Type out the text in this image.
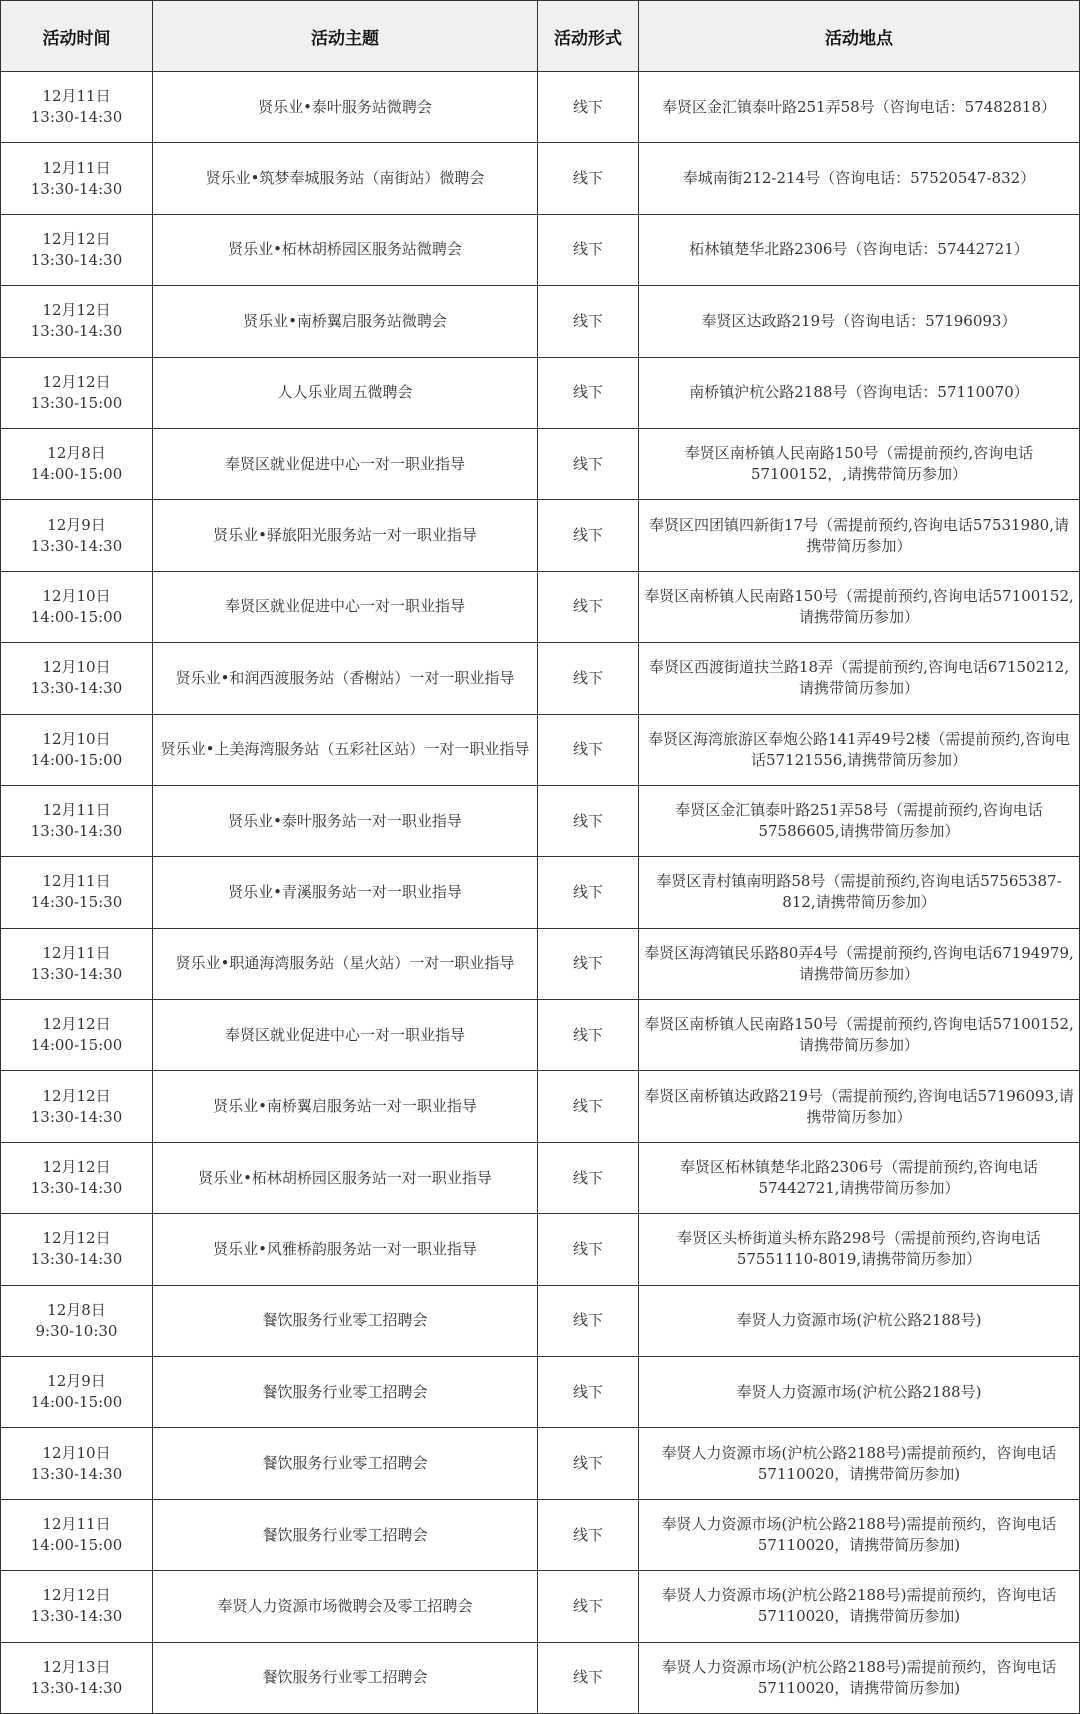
活动时间	活动主题	活动形式	活动地点

12月11日
13:30-14:30	贤乐业•泰叶服务站微聘会	线下	奉贤区金汇镇泰叶路251弄58号（咨询电话：57482818）

12月11日
13:30-14:30	贤乐业•筑梦奉城服务站（南街站）微聘会	线下	奉城南街212-214号（咨询电话：57520547-832）

12月12日
13:30-14:30	贤乐业•柘林胡桥园区服务站微聘会	线下	柘林镇楚华北路2306号（咨询电话：57442721）

12月12日
13:30-14:30	贤乐业•南桥翼启服务站微聘会	线下	奉贤区达政路219号（咨询电话：57196093）

12月12日
13:30-15:00	人人乐业周五微聘会	线下	南桥镇沪杭公路2188号（咨询电话：57110070）

12月8日
14:00-15:00	奉贤区就业促进中心一对一职业指导	线下	奉贤区南桥镇人民南路150号（需提前预约,咨询电话57100152，,请携带简历参加）

12月9日
13:30-14:30	贤乐业•驿旅阳光服务站一对一职业指导	线下	奉贤区四团镇四新街17号（需提前预约,咨询电话57531980,请携带简历参加）

12月10日
14:00-15:00	奉贤区就业促进中心一对一职业指导	线下	奉贤区南桥镇人民南路150号（需提前预约,咨询电话57100152,请携带简历参加）

12月10日
13:30-14:30	贤乐业•和润西渡服务站（香榭站）一对一职业指导	线下	奉贤区西渡街道扶兰路18弄（需提前预约,咨询电话67150212,请携带简历参加）

12月10日
14:00-15:00	贤乐业•上美海湾服务站（五彩社区站）一对一职业指导	线下	奉贤区海湾旅游区奉炮公路141弄49号2楼（需提前预约,咨询电话57121556,请携带简历参加）

12月11日
13:30-14:30	贤乐业•泰叶服务站一对一职业指导	线下	奉贤区金汇镇泰叶路251弄58号（需提前预约,咨询电话57586605,请携带简历参加）

12月11日
14:30-15:30	贤乐业•青溪服务站一对一职业指导	线下	奉贤区青村镇南明路58号（需提前预约,咨询电话57565387-812,请携带简历参加）

12月11日
13:30-14:30	贤乐业•职通海湾服务站（星火站）一对一职业指导	线下	奉贤区海湾镇民乐路80弄4号（需提前预约,咨询电话67194979,请携带简历参加）

12月12日
14:00-15:00	奉贤区就业促进中心一对一职业指导	线下	奉贤区南桥镇人民南路150号（需提前预约,咨询电话57100152,请携带简历参加）

12月12日
13:30-14:30	贤乐业•南桥翼启服务站一对一职业指导	线下	奉贤区南桥镇达政路219号（需提前预约,咨询电话57196093,请携带简历参加）

12月12日
13:30-14:30	贤乐业•柘林胡桥园区服务站一对一职业指导	线下	奉贤区柘林镇楚华北路2306号（需提前预约,咨询电话57442721,请携带简历参加）

12月12日
13:30-14:30	贤乐业•风雅桥韵服务站一对一职业指导	线下	奉贤区头桥街道头桥东路298号（需提前预约,咨询电话57551110-8019,请携带简历参加）

12月8日
9:30-10:30	餐饮服务行业零工招聘会	线下	奉贤人力资源市场(沪杭公路2188号)

12月9日
14:00-15:00	餐饮服务行业零工招聘会	线下	奉贤人力资源市场(沪杭公路2188号)

12月10日
13:30-14:30	餐饮服务行业零工招聘会	线下	奉贤人力资源市场(沪杭公路2188号)需提前预约，咨询电话57110020，请携带简历参加)

12月11日
14:00-15:00	餐饮服务行业零工招聘会	线下	奉贤人力资源市场(沪杭公路2188号)需提前预约，咨询电话57110020，请携带简历参加)

12月12日
13:30-14:30	奉贤人力资源市场微聘会及零工招聘会	线下	奉贤人力资源市场(沪杭公路2188号)需提前预约，咨询电话57110020，请携带简历参加)

12月13日
13:30-14:30	餐饮服务行业零工招聘会	线下	奉贤人力资源市场(沪杭公路2188号)需提前预约，咨询电话57110020，请携带简历参加)
